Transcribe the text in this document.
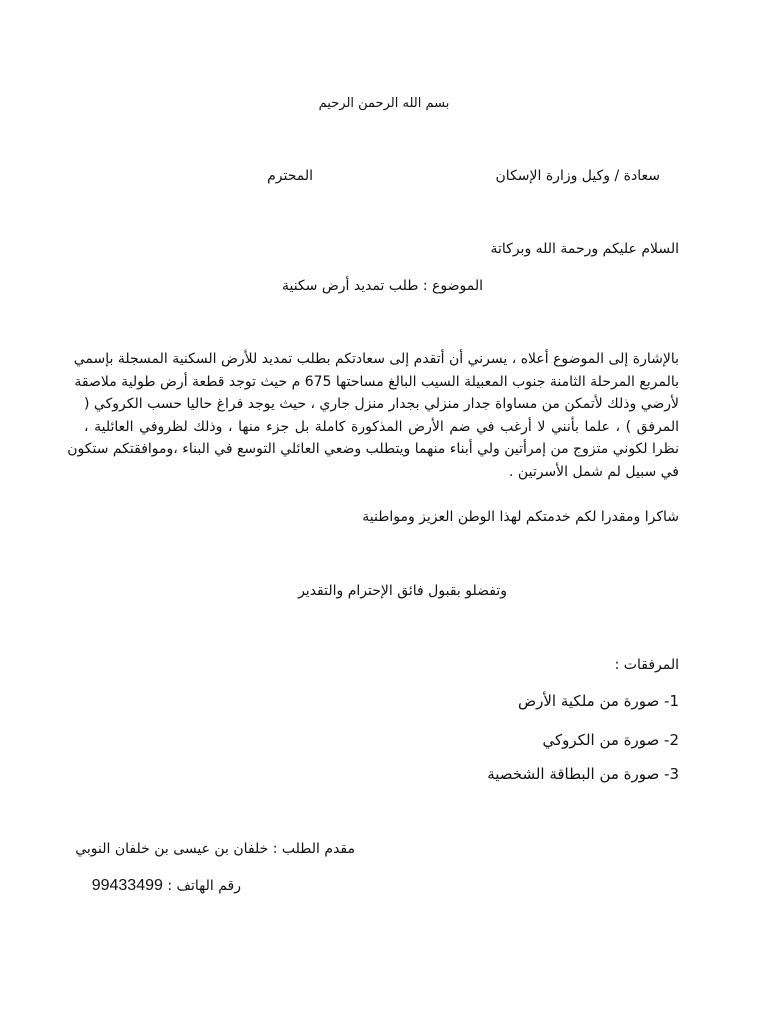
بسم الله الرحمن الرحيم
سعادة / وكيل وزارة الإسكان
المحترم
السلام عليكم ورحمة الله وبركاتة
الموضوع : طلب تمديد أرض سكنية
بالإشارة إلى الموضوع أعلاه ، يسرني أن أتقدم إلى سعادتكم بطلب تمديد للأرض السكنية المسجلة بإسمي
بالمربع المرحلة الثامنة جنوب المعبيلة السيب البالغ مساحتها 675 م حيث توجد قطعة أرض طولية ملاصقة
لأرضي وذلك لأتمكن من مساواة جدار منزلي بجدار منزل جاري ، حيث يوجد فراغ حاليا حسب الكروكي (
المرفق ) ، علما بأنني لا أرغب في ضم الأرض المذكورة كاملة بل جزء منها ، وذلك لظروفي العائلية ،
نظرا لكوني متزوج من إمرأتين ولي أبناء منهما ويتطلب وضعي العائلي التوسع في البناء ،وموافقتكم ستكون
في سبيل لم شمل الأسرتين .
شاكرا ومقدرا لكم خدمتكم لهذا الوطن العزيز ومواطنية
وتفضلو بقبول فائق الإحترام والتقدير
المرفقات :
1- صورة من ملكية الأرض
2- صورة من الكروكي
3- صورة من البطاقة الشخصية
مقدم الطلب : خلفان بن عيسى بن خلفان النوبي
رقم الهاتف : 99433499
